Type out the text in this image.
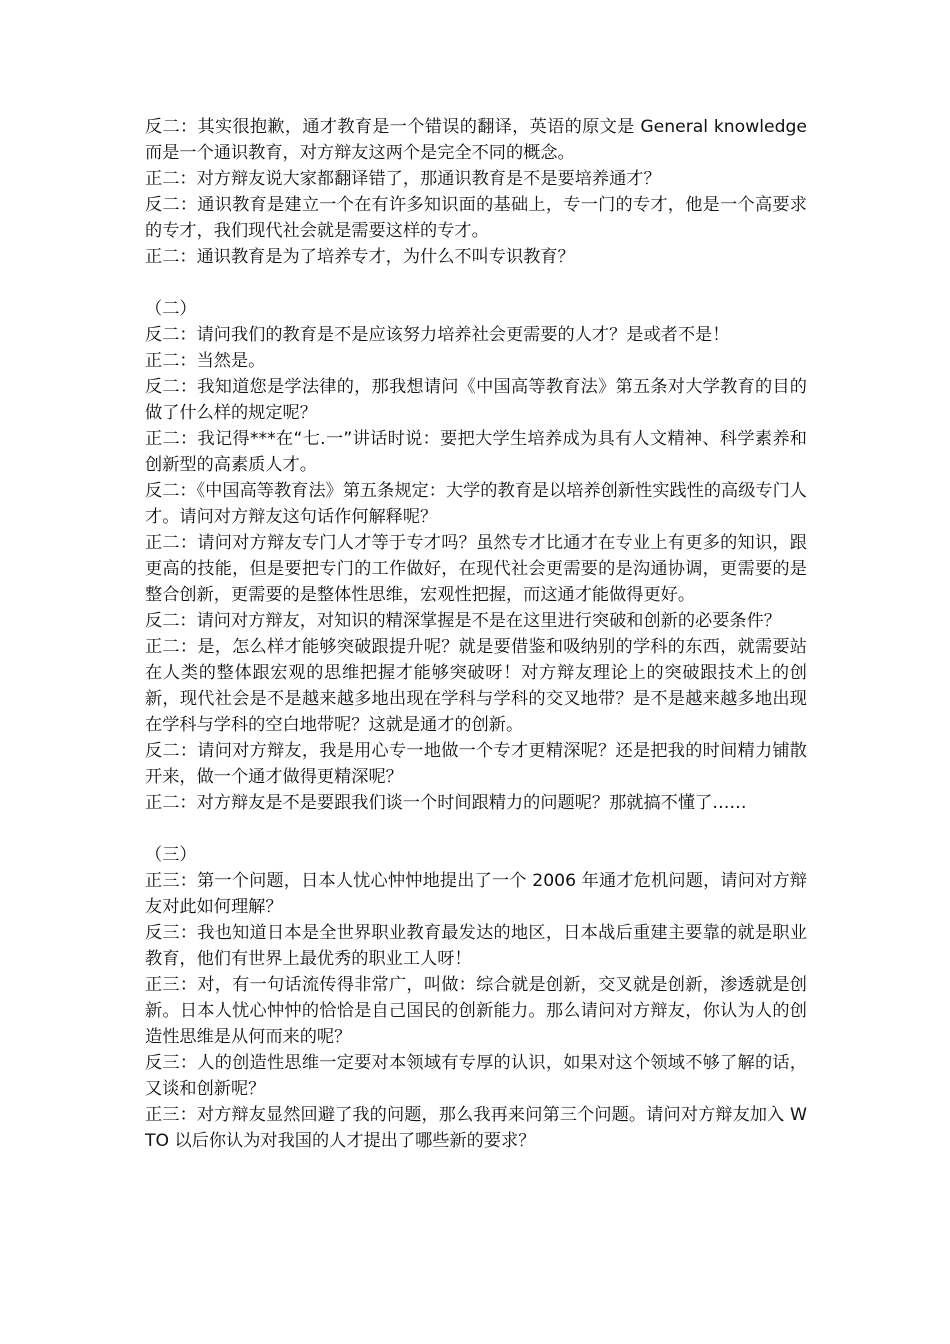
反二：其实很抱歉，通才教育是一个错误的翻译，英语的原文是 General knowledge 而是一个通识教育，对方辩友这两个是完全不同的概念。

正二：对方辩友说大家都翻译错了，那通识教育是不是要培养通才？

反二：通识教育是建立一个在有许多知识面的基础上，专一门的专才，他是一个高要求的专才，我们现代社会就是需要这样的专才。

正二：通识教育是为了培养专才，为什么不叫专识教育？

（二）

反二：请问我们的教育是不是应该努力培养社会更需要的人才？是或者不是！

正二：当然是。

反二：我知道您是学法律的，那我想请问《中国高等教育法》第五条对大学教育的目的做了什么样的规定呢？

正二：我记得***在“七.一”讲话时说：要把大学生培养成为具有人文精神、科学素养和创新型的高素质人才。

反二：《中国高等教育法》第五条规定：大学的教育是以培养创新性实践性的高级专门人才。请问对方辩友这句话作何解释呢？

正二：请问对方辩友专门人才等于专才吗？虽然专才比通才在专业上有更多的知识，跟更高的技能，但是要把专门的工作做好，在现代社会更需要的是沟通协调，更需要的是整合创新，更需要的是整体性思维，宏观性把握，而这通才能做得更好。

反二：请问对方辩友，对知识的精深掌握是不是在这里进行突破和创新的必要条件？

正二：是，怎么样才能够突破跟提升呢？就是要借鉴和吸纳别的学科的东西，就需要站在人类的整体跟宏观的思维把握才能够突破呀！对方辩友理论上的突破跟技术上的创新，现代社会是不是越来越多地出现在学科与学科的交叉地带？是不是越来越多地出现在学科与学科的空白地带呢？这就是通才的创新。

反二：请问对方辩友，我是用心专一地做一个专才更精深呢？还是把我的时间精力铺散开来，做一个通才做得更精深呢？

正二：对方辩友是不是要跟我们谈一个时间跟精力的问题呢？那就搞不懂了……

（三）

正三：第一个问题，日本人忧心忡忡地提出了一个 2006 年通才危机问题，请问对方辩友对此如何理解？

反三：我也知道日本是全世界职业教育最发达的地区，日本战后重建主要靠的就是职业教育，他们有世界上最优秀的职业工人呀！

正三：对，有一句话流传得非常广，叫做：综合就是创新，交叉就是创新，渗透就是创新。日本人忧心忡忡的恰恰是自己国民的创新能力。那么请问对方辩友，你认为人的创造性思维是从何而来的呢？

反三：人的创造性思维一定要对本领域有专厚的认识，如果对这个领域不够了解的话，又谈和创新呢？

正三：对方辩友显然回避了我的问题，那么我再来问第三个问题。请问对方辩友加入 WTO 以后你认为对我国的人才提出了哪些新的要求？
